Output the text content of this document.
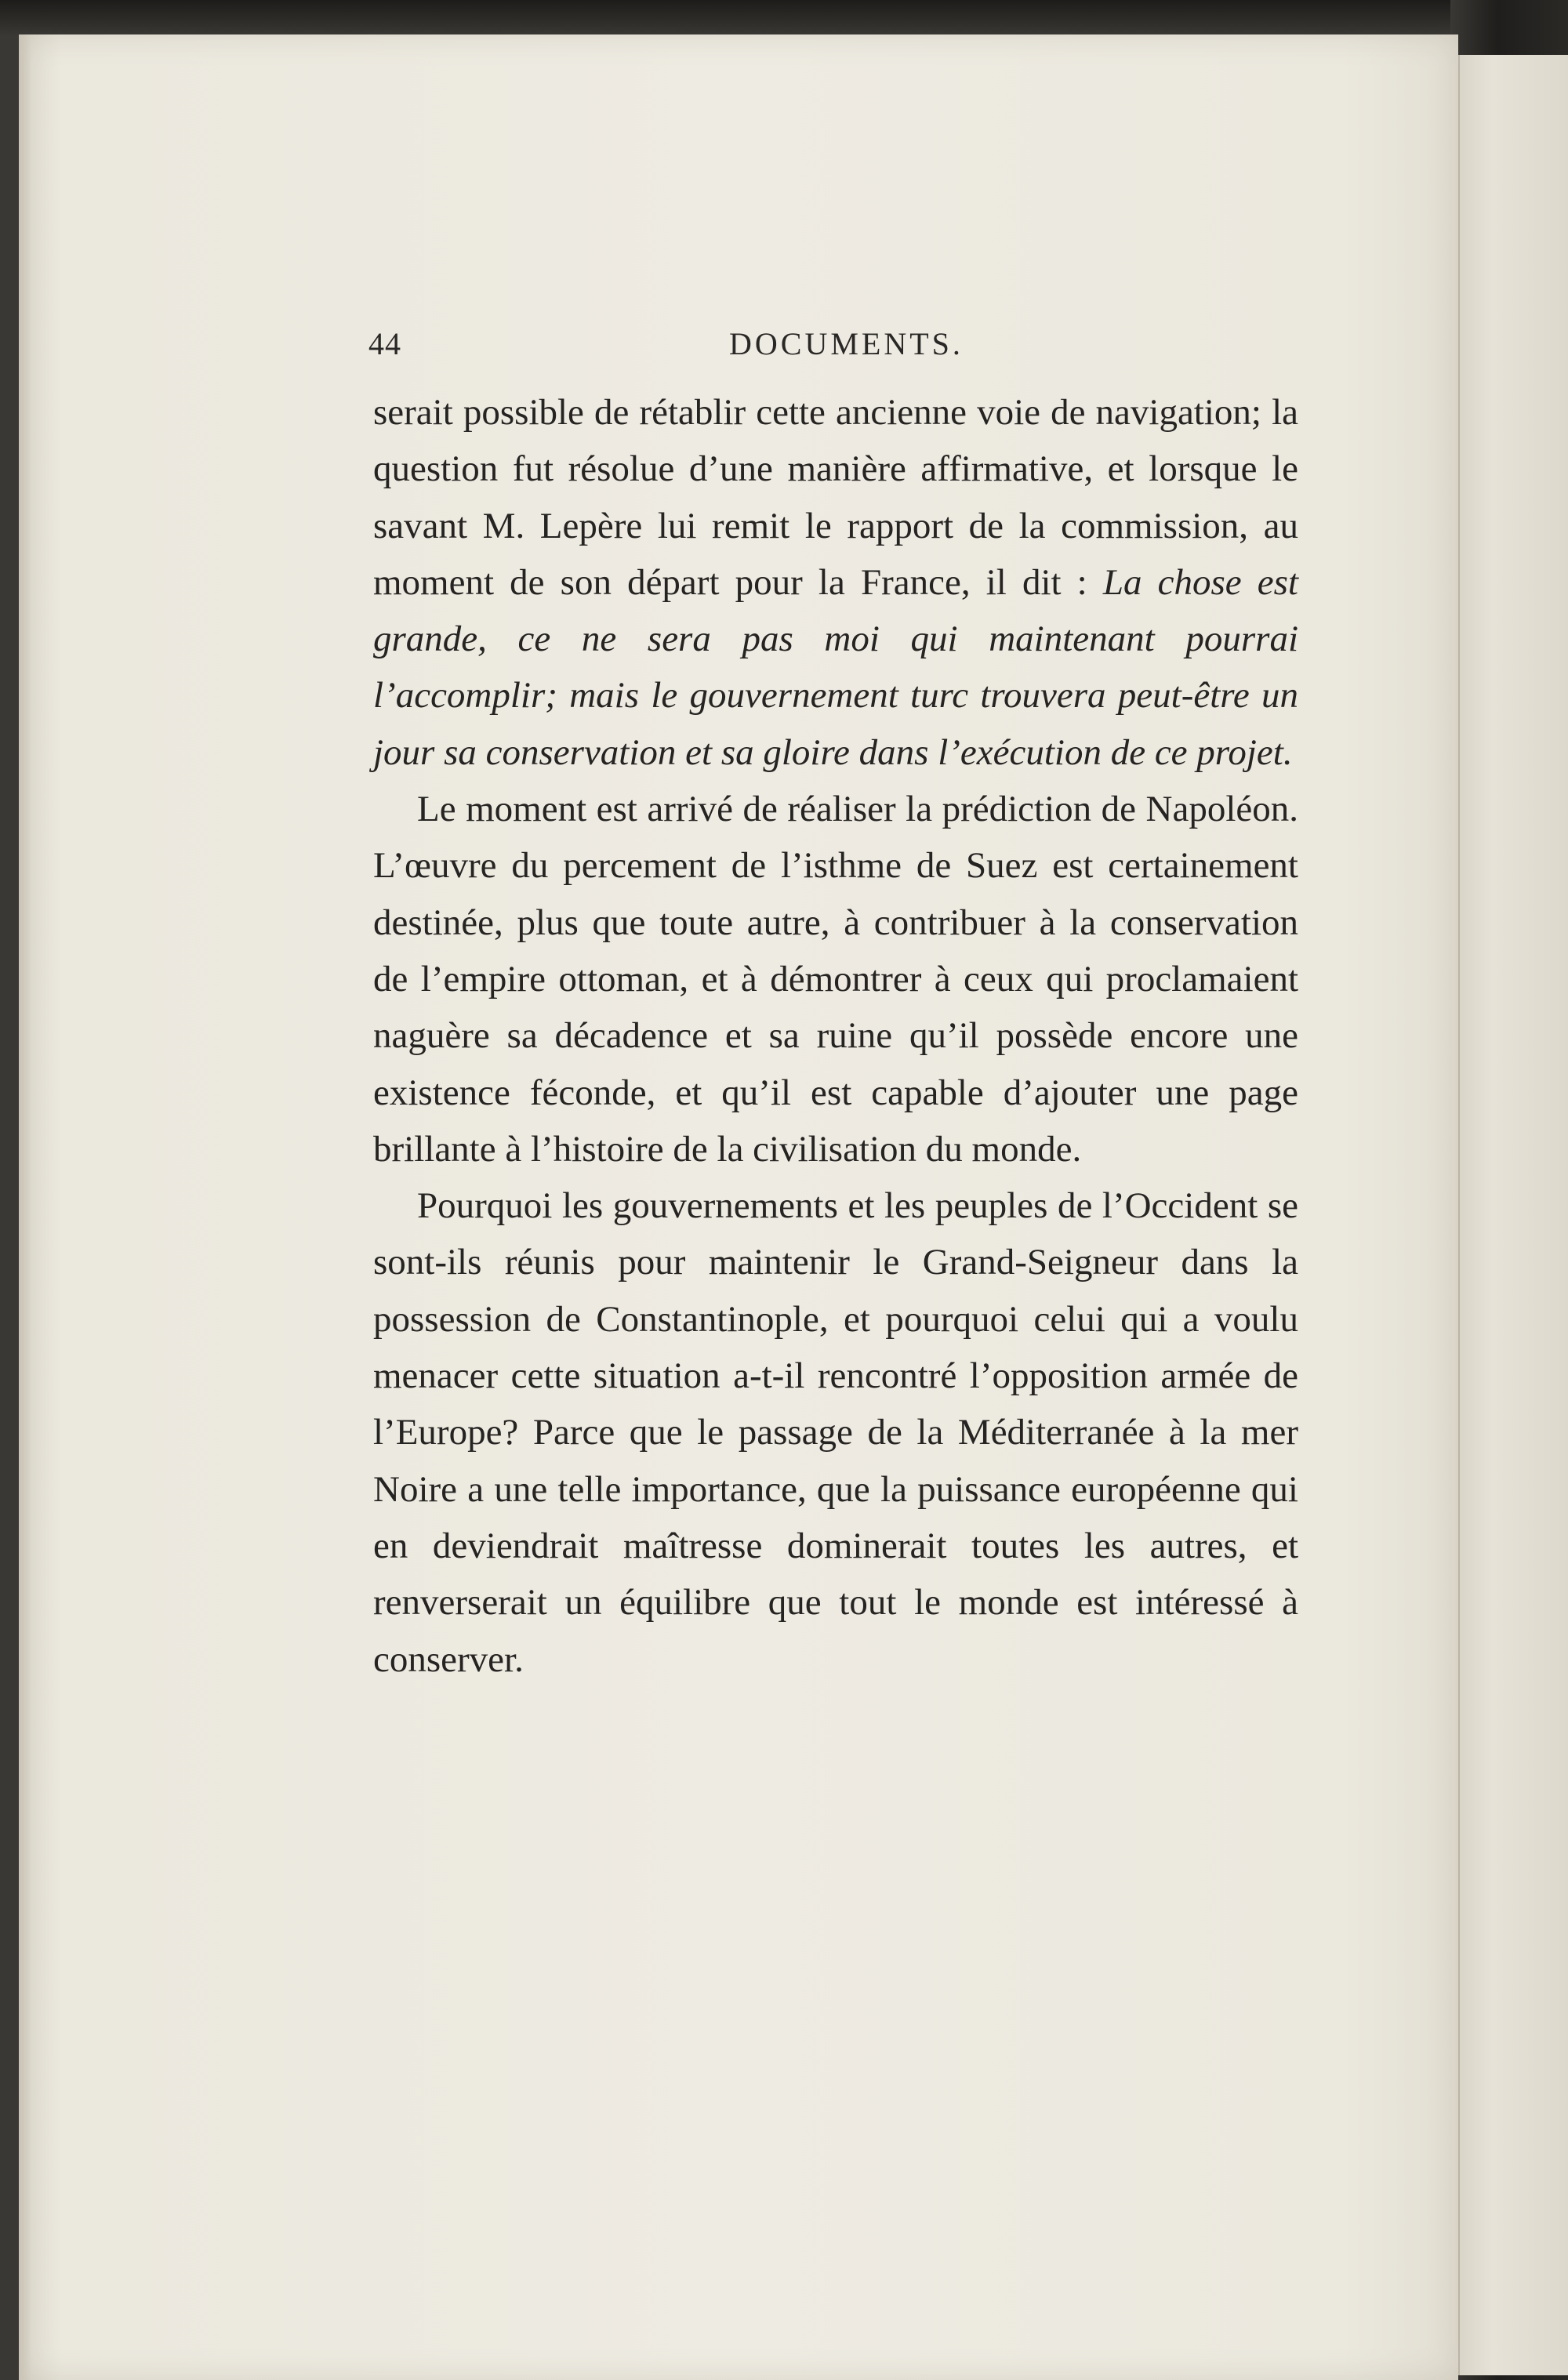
44	DOCUMENTS.

serait possible de rétablir cette ancienne voie de navigation; la question fut résolue d’une manière affirmative, et lorsque le savant M. Lepère lui remit le rapport de la commission, au moment de son départ pour la France, il dit : La chose est grande, ce ne sera pas moi qui maintenant pourrai l’accomplir; mais le gouvernement turc trouvera peut-être un jour sa conservation et sa gloire dans l’exécution de ce projet.

Le moment est arrivé de réaliser la prédiction de Napoléon. L’œuvre du percement de l’isthme de Suez est certainement destinée, plus que toute autre, à contribuer à la conservation de l’empire ottoman, et à démontrer à ceux qui proclamaient naguère sa décadence et sa ruine qu’il possède encore une existence féconde, et qu’il est capable d’ajouter une page brillante à l’histoire de la civilisation du monde.

Pourquoi les gouvernements et les peuples de l’Occident se sont-ils réunis pour maintenir le Grand-Seigneur dans la possession de Constantinople, et pourquoi celui qui a voulu menacer cette situation a-t-il rencontré l’opposition armée de l’Europe? Parce que le passage de la Méditerranée à la mer Noire a une telle importance, que la puissance européenne qui en deviendrait maîtresse dominerait toutes les autres, et renverserait un équilibre que tout le monde est intéressé à conserver.
